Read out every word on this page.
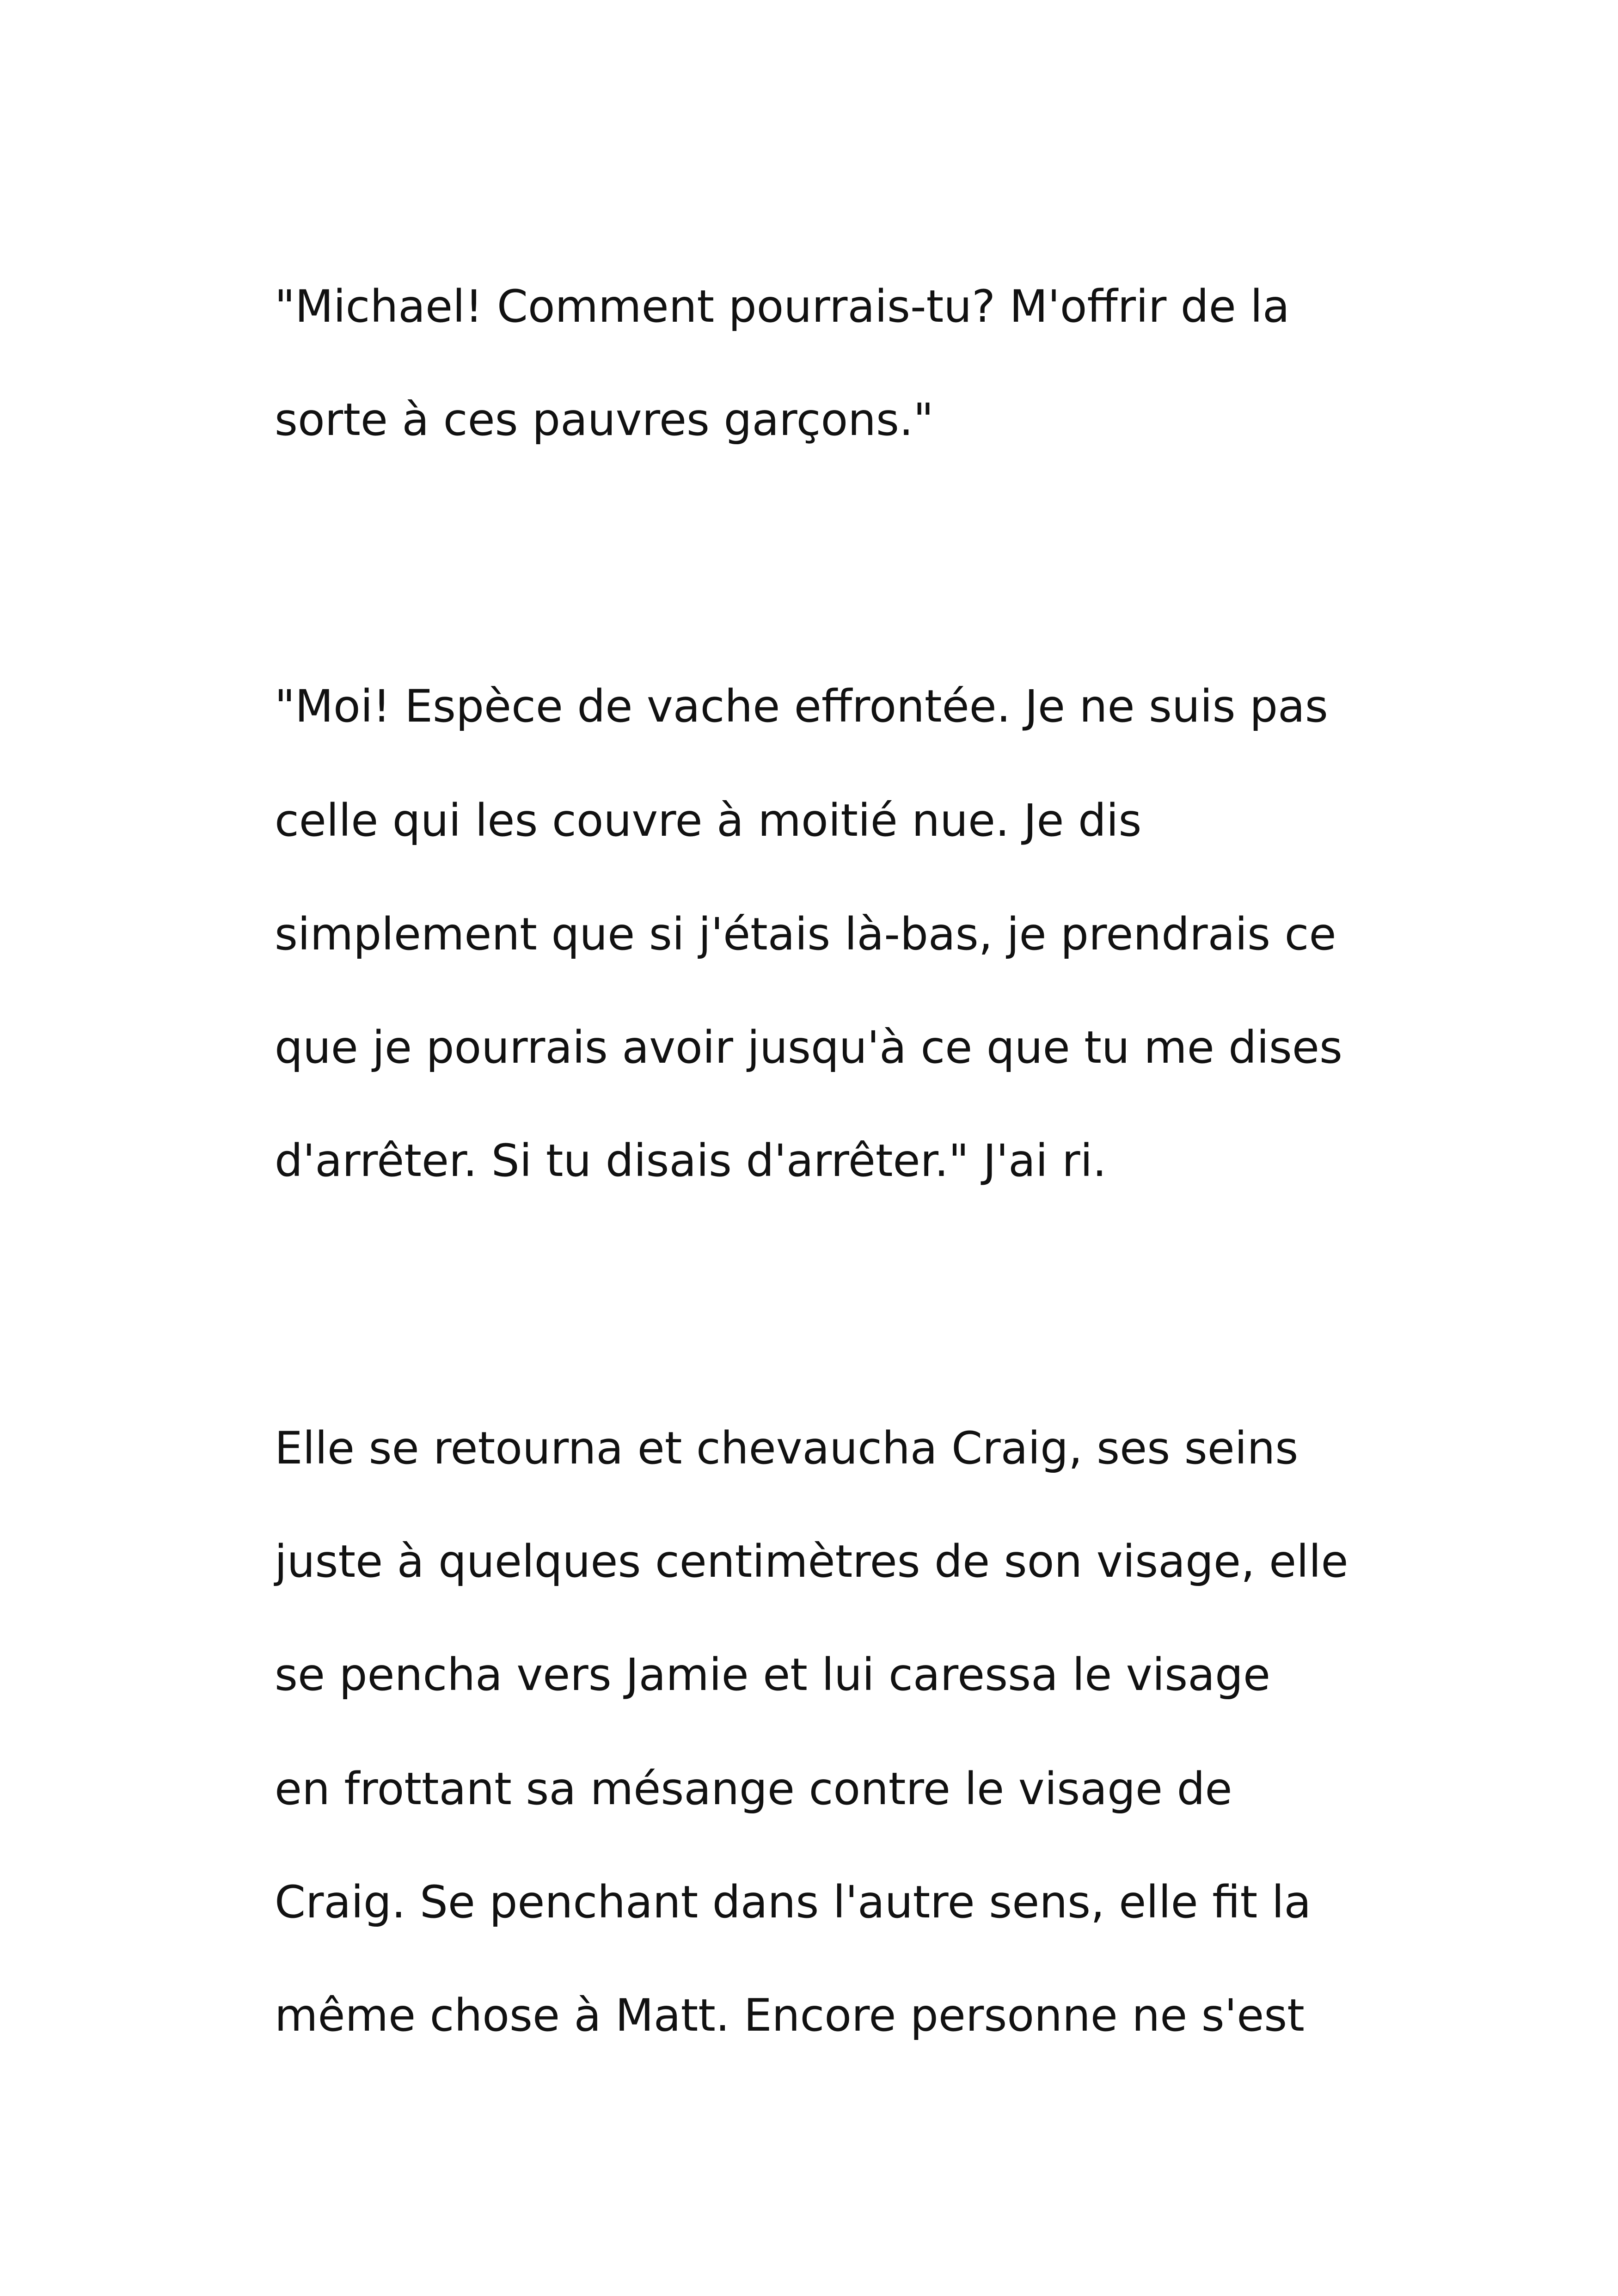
"Michael! Comment pourrais-tu? M'offrir de la

sorte à ces pauvres garçons."

"Moi! Espèce de vache effrontée. Je ne suis pas

celle qui les couvre à moitié nue. Je dis

simplement que si j'étais là-bas, je prendrais ce

que je pourrais avoir jusqu'à ce que tu me dises

d'arrêter. Si tu disais d'arrêter." J'ai ri.

Elle se retourna et chevaucha Craig, ses seins

juste à quelques centimètres de son visage, elle

se pencha vers Jamie et lui caressa le visage

en frottant sa mésange contre le visage de

Craig. Se penchant dans l'autre sens, elle fit la

même chose à Matt. Encore personne ne s'est
